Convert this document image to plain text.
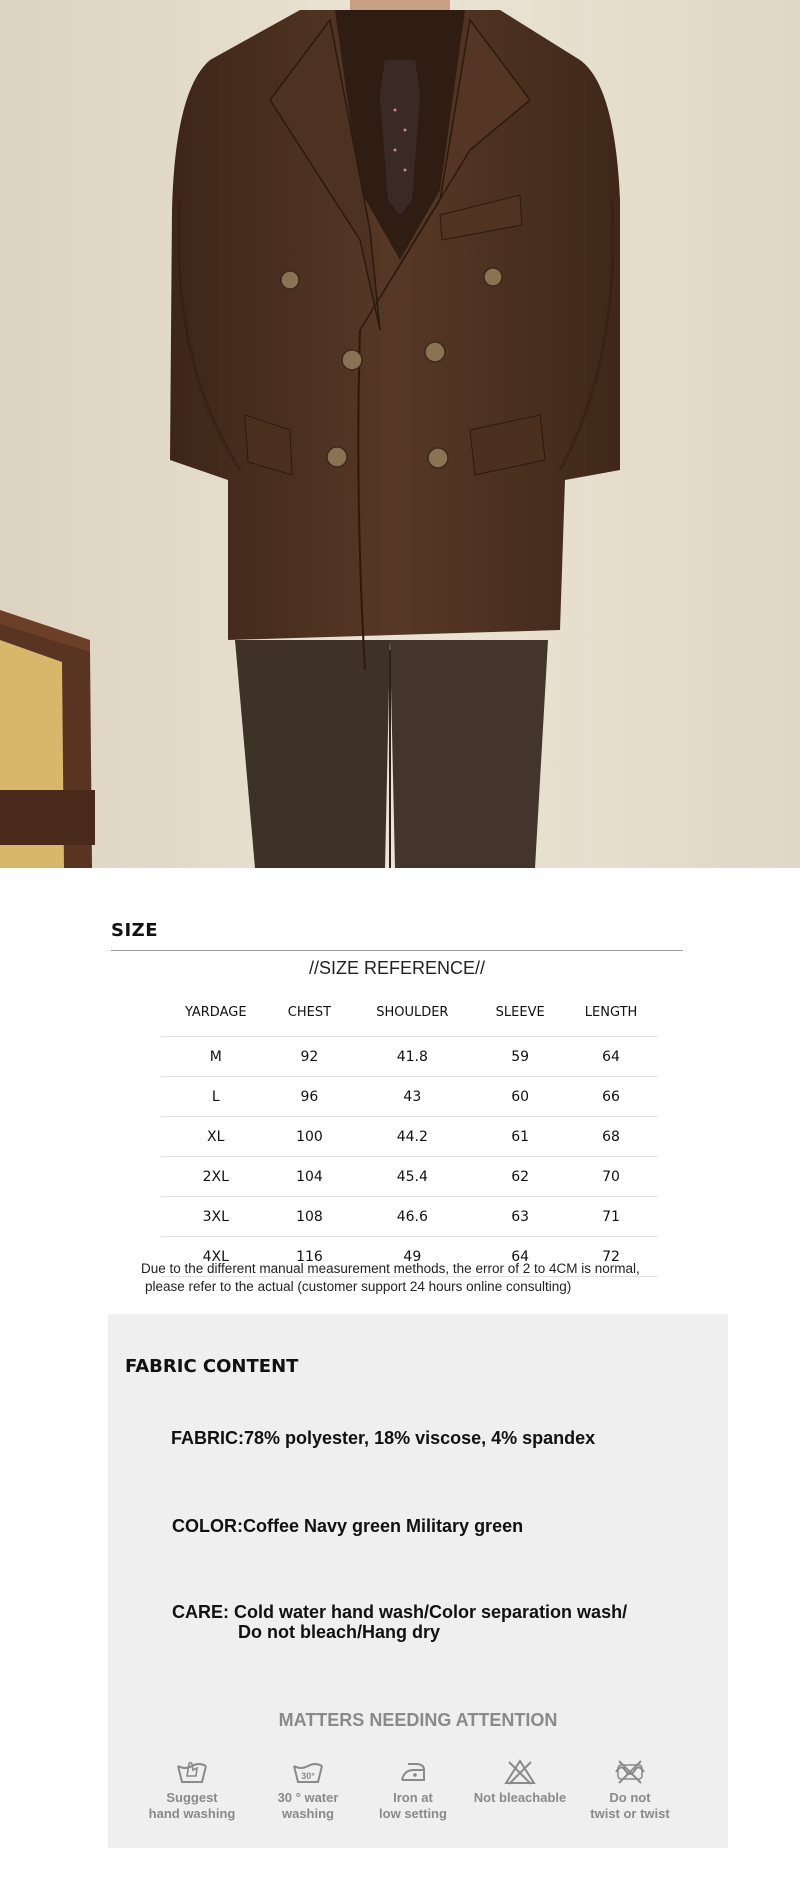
SIZE
//SIZE REFERENCE//
YARDAGE	CHEST	SHOULDER	SLEEVE	LENGTH
M	92	41.8	59	64
L	96	43	60	66
XL	100	44.2	61	68
2XL	104	45.4	62	70
3XL	108	46.6	63	71
4XL	116	49	64	72
Due to the different manual measurement methods, the error of 2 to 4CM is normal,
please refer to the actual (customer support 24 hours online consulting)
FABRIC CONTENT
FABRIC:78% polyester, 18% viscose, 4% spandex
COLOR:Coffee Navy green Military green
CARE: Cold water hand wash/Color separation wash/
Do not bleach/Hang dry
MATTERS NEEDING ATTENTION
Suggest
hand washing
30°
30 ° water
washing
Iron at
low setting
Not bleachable	Do not
twist or twist
